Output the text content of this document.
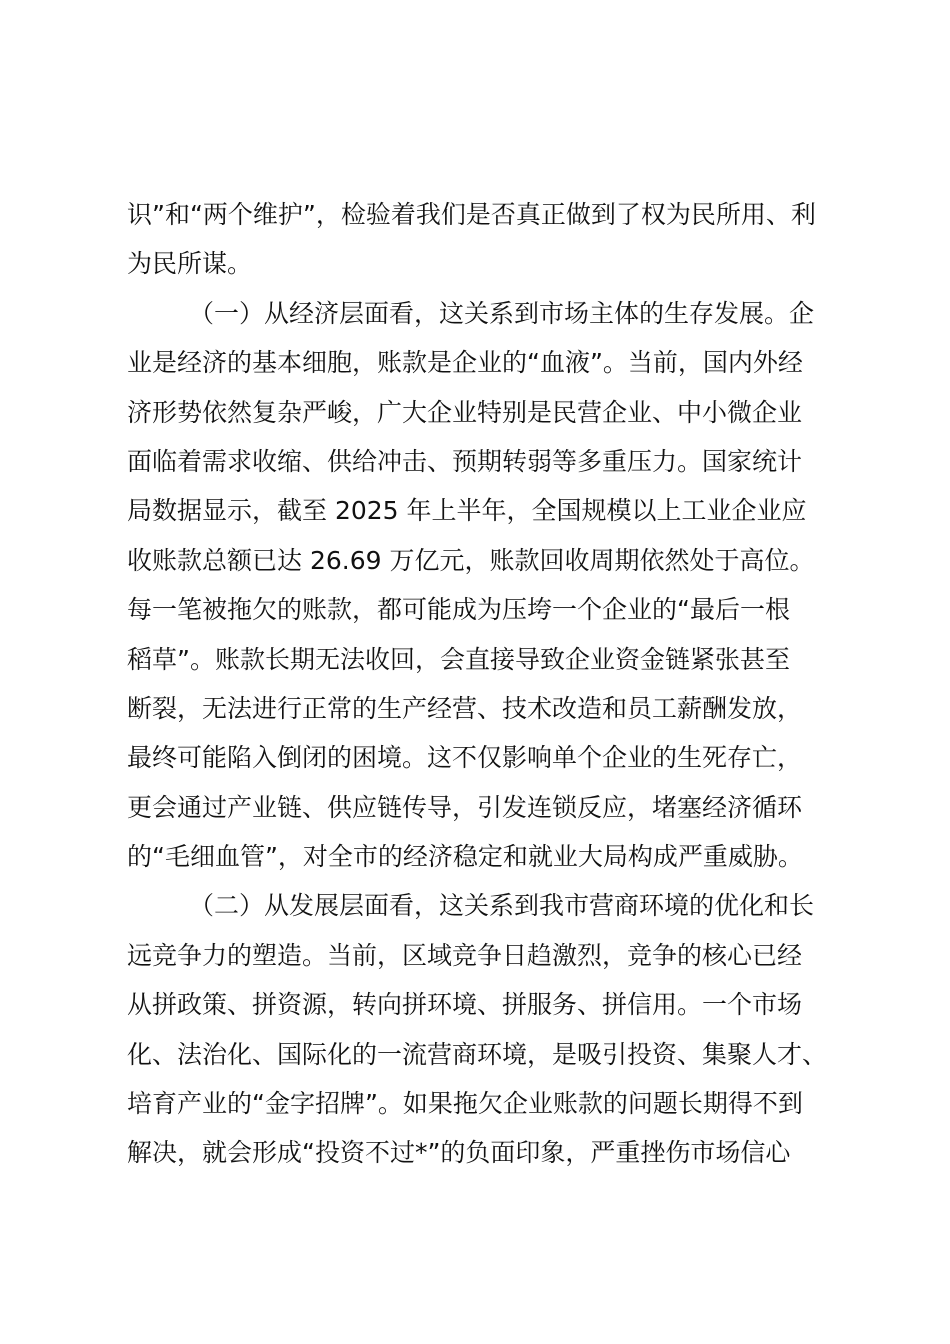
识”和“两个维护”，检验着我们是否真正做到了权为民所用、利
为民所谋。
（一）从经济层面看，这关系到市场主体的生存发展。企
业是经济的基本细胞，账款是企业的“血液”。当前，国内外经
济形势依然复杂严峻，广大企业特别是民营企业、中小微企业
面临着需求收缩、供给冲击、预期转弱等多重压力。国家统计
局数据显示，截至 2025 年上半年，全国规模以上工业企业应
收账款总额已达 26.69 万亿元，账款回收周期依然处于高位。
每一笔被拖欠的账款，都可能成为压垮一个企业的“最后一根
稻草”。账款长期无法收回，会直接导致企业资金链紧张甚至
断裂，无法进行正常的生产经营、技术改造和员工薪酬发放，
最终可能陷入倒闭的困境。这不仅影响单个企业的生死存亡，
更会通过产业链、供应链传导，引发连锁反应，堵塞经济循环
的“毛细血管”，对全市的经济稳定和就业大局构成严重威胁。
（二）从发展层面看，这关系到我市营商环境的优化和长
远竞争力的塑造。当前，区域竞争日趋激烈，竞争的核心已经
从拼政策、拼资源，转向拼环境、拼服务、拼信用。一个市场
化、法治化、国际化的一流营商环境，是吸引投资、集聚人才、
培育产业的“金字招牌”。如果拖欠企业账款的问题长期得不到
解决，就会形成“投资不过*”的负面印象，严重挫伤市场信心
